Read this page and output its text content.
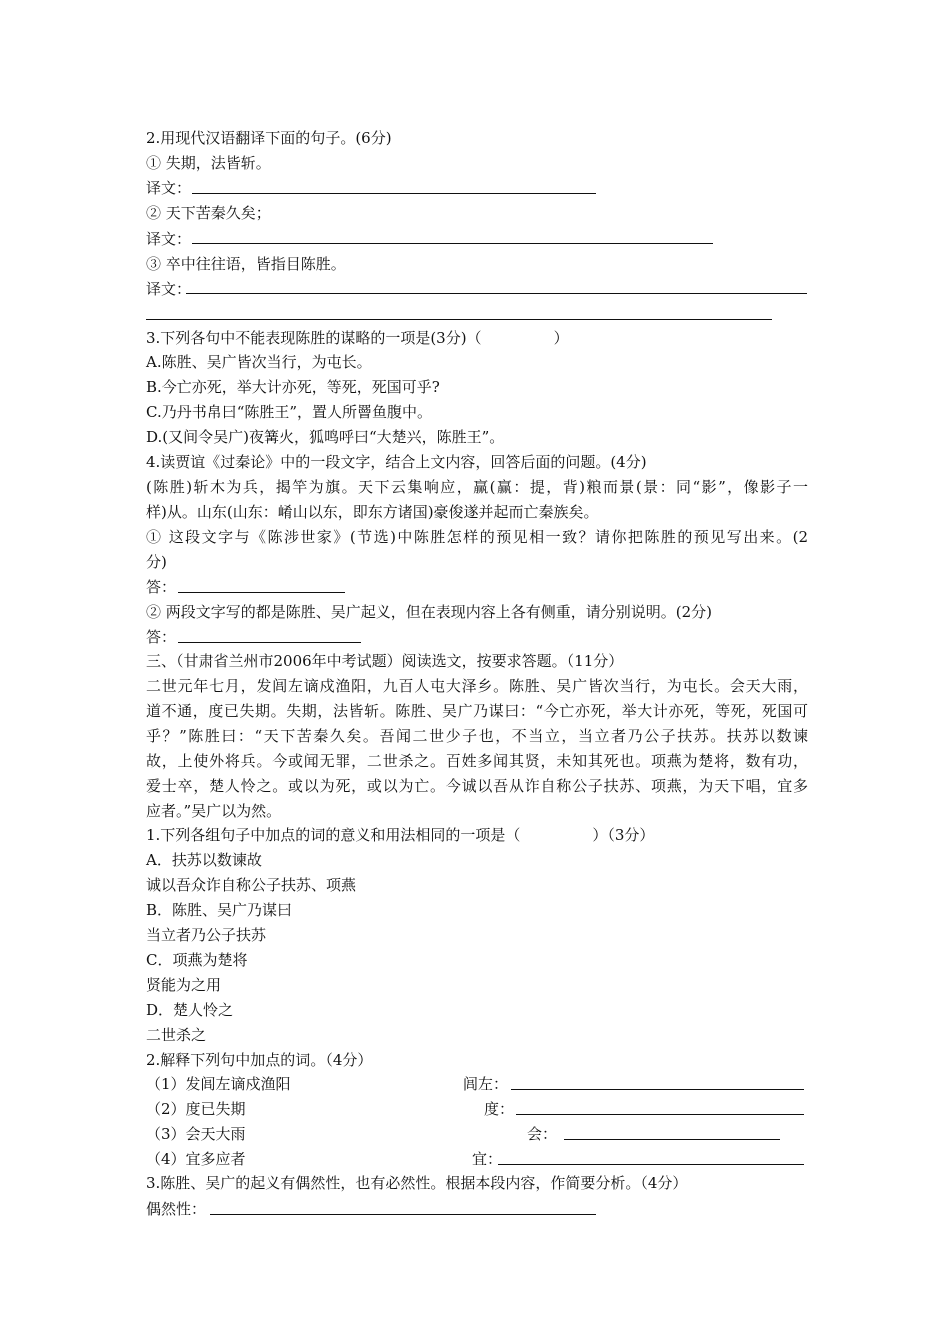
2.用现代汉语翻译下面的句子。(6分)
① 失期，法皆斩。
译文：
② 天下苦秦久矣；
译文：
③ 卒中往往语，皆指目陈胜。
译文：
3.下列各句中不能表现陈胜的谋略的一项是(3分)（	）
A.陈胜、吴广皆次当行，为屯长。
B.今亡亦死，举大计亦死，等死，死国可乎?
C.乃丹书帛曰“陈胜王”，置人所罾鱼腹中。
D.(又间令吴广)夜篝火，狐鸣呼曰“大楚兴，陈胜王”。
4.读贾谊《过秦论》中的一段文字，结合上文内容，回答后面的问题。(4分)
(陈胜)斩木为兵，揭竿为旗。天下云集响应，赢(赢：提，背)粮而景(景：同“影”，像影子一
样)从。山东(山东：崤山以东，即东方诸国)豪俊遂并起而亡秦族矣。
① 这段文字与《陈涉世家》(节选)中陈胜怎样的预见相一致？请你把陈胜的预见写出来。(2
分)
答：
② 两段文字写的都是陈胜、吴广起义，但在表现内容上各有侧重，请分别说明。(2分)
答：
三、（甘肃省兰州市2006年中考试题）阅读选文，按要求答题。（11分）
二世元年七月，发闾左谪戍渔阳，九百人屯大泽乡。陈胜、吴广皆次当行，为屯长。会天大雨，
道不通，度已失期。失期，法皆斩。陈胜、吴广乃谋曰：“今亡亦死，举大计亦死，等死，死国可
乎？”陈胜曰：“天下苦秦久矣。吾闻二世少子也，不当立，当立者乃公子扶苏。扶苏以数谏
故，上使外将兵。今或闻无罪，二世杀之。百姓多闻其贤，未知其死也。项燕为楚将，数有功，
爱士卒，楚人怜之。或以为死，或以为亡。今诚以吾从诈自称公子扶苏、项燕，为天下唱，宜多
应者。”吴广以为然。
1.下列各组句子中加点的词的意义和用法相同的一项是（	）（3分）
A．扶苏以数谏故
诚以吾众诈自称公子扶苏、项燕
B．陈胜、吴广乃谋曰
当立者乃公子扶苏
C．项燕为楚将
贤能为之用
D．楚人怜之
二世杀之
2.解释下列句中加点的词。（4分）
（1）发闾左谪戍渔阳	闾左：
（2）度已失期	度：
（3）会天大雨	会：
（4）宜多应者	宜：
3.陈胜、吴广的起义有偶然性，也有必然性。根据本段内容，作简要分析。（4分）
偶然性：
